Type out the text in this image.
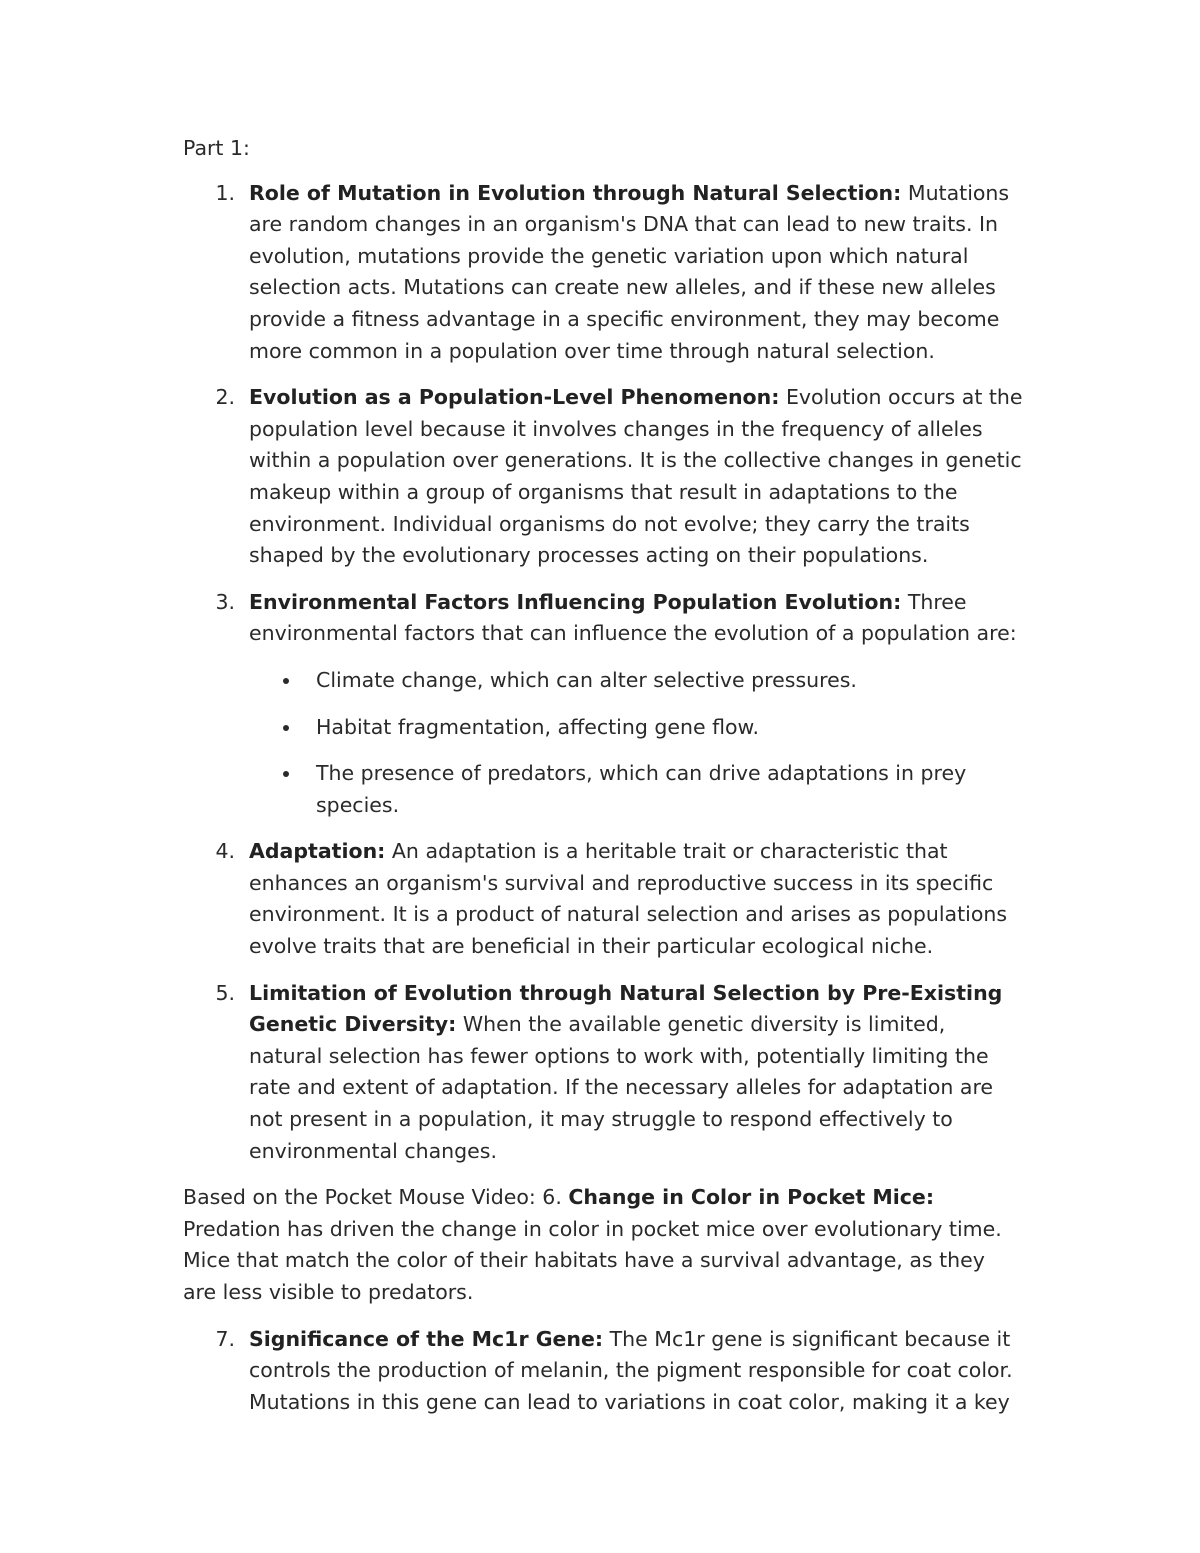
Part 1:

1. Role of Mutation in Evolution through Natural Selection: Mutations are random changes in an organism's DNA that can lead to new traits. In evolution, mutations provide the genetic variation upon which natural selection acts. Mutations can create new alleles, and if these new alleles provide a fitness advantage in a specific environment, they may become more common in a population over time through natural selection.
2. Evolution as a Population-Level Phenomenon: Evolution occurs at the population level because it involves changes in the frequency of alleles within a population over generations. It is the collective changes in genetic makeup within a group of organisms that result in adaptations to the environment. Individual organisms do not evolve; they carry the traits shaped by the evolutionary processes acting on their populations.
3. Environmental Factors Influencing Population Evolution: Three environmental factors that can influence the evolution of a population are:
Climate change, which can alter selective pressures.
Habitat fragmentation, affecting gene flow.
The presence of predators, which can drive adaptations in prey species.
4. Adaptation: An adaptation is a heritable trait or characteristic that enhances an organism's survival and reproductive success in its specific environment. It is a product of natural selection and arises as populations evolve traits that are beneficial in their particular ecological niche.
5. Limitation of Evolution through Natural Selection by Pre-Existing Genetic Diversity: When the available genetic diversity is limited, natural selection has fewer options to work with, potentially limiting the rate and extent of adaptation. If the necessary alleles for adaptation are not present in a population, it may struggle to respond effectively to environmental changes.

Based on the Pocket Mouse Video: 6. Change in Color in Pocket Mice: Predation has driven the change in color in pocket mice over evolutionary time. Mice that match the color of their habitats have a survival advantage, as they are less visible to predators.

7. Significance of the Mc1r Gene: The Mc1r gene is significant because it controls the production of melanin, the pigment responsible for coat color. Mutations in this gene can lead to variations in coat color, making it a key
